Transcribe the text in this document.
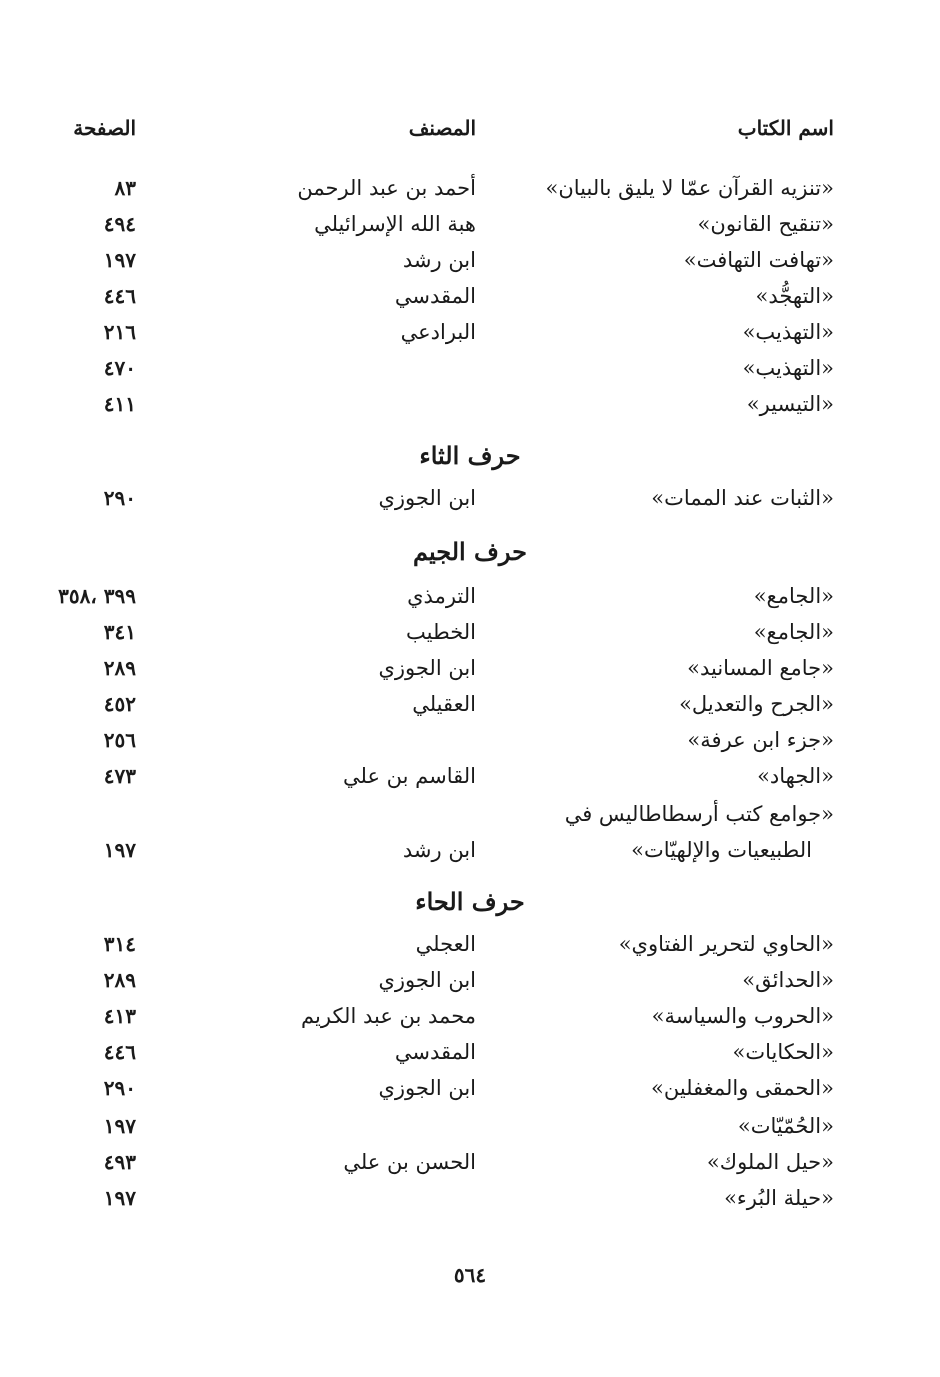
اسم الكتاب
المصنف
الصفحة
«تنزيه القرآن عمّا لا يليق بالبيان»
أحمد بن عبد الرحمن
٨٣
«تنقيح القانون»
هبة الله الإسرائيلي
٤٩٤
«تهافت التهافت»
ابن رشد
١٩٧
«التهجُّد»
المقدسي
٤٤٦
«التهذيب»
البرادعي
٢١٦
«التهذيب»
٤٧٠
«التيسير»
٤١١
حرف الثاء
«الثبات عند الممات»
ابن الجوزي
٢٩٠
حرف الجيم
«الجامع»
الترمذي
٣٩٩ ،٣٥٨
«الجامع»
الخطيب
٣٤١
«جامع المسانيد»
ابن الجوزي
٢٨٩
«الجرح والتعديل»
العقيلي
٤٥٢
«جزء ابن عرفة»
٢٥٦
«الجهاد»
القاسم بن علي
٤٧٣
«جوامع كتب أرسطاطاليس في
الطبيعيات والإلهيّات»
ابن رشد
١٩٧
حرف الحاء
«الحاوي لتحرير الفتاوي»
العجلي
٣١٤
«الحدائق»
ابن الجوزي
٢٨٩
«الحروب والسياسة»
محمد بن عبد الكريم
٤١٣
«الحكايات»
المقدسي
٤٤٦
«الحمقى والمغفلين»
ابن الجوزي
٢٩٠
«الحُمّيّات»
١٩٧
«حيل الملوك»
الحسن بن علي
٤٩٣
«حيلة البُرء»
١٩٧
٥٦٤
